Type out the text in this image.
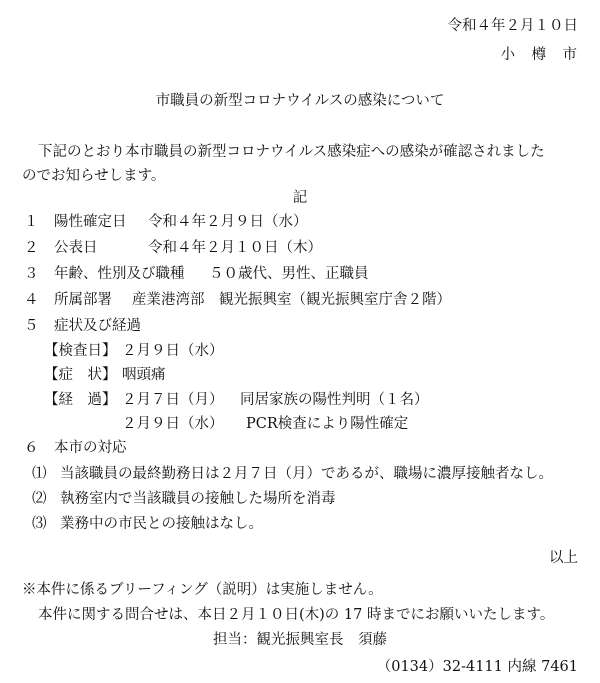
令和４年２月１０日
小　樽　市
市職員の新型コロナウイルスの感染について
下記のとおり本市職員の新型コロナウイルス感染症への感染が確認されました
のでお知らせします。
記
１ 陽性確定日 令和４年２月９日（水）
２ 公表日	令和４年２月１０日（木）
３ 年齢、性別及び職種 ５０歳代、男性、正職員
４ 所属部署 産業港湾部　観光振興室（観光振興室庁舎２階）
５ 症状及び経過
【検査日】 ２月９日（水）
【症　状】 咽頭痛
【経　過】 ２月７日（月） 同居家族の陽性判明（１名）
２月９日（水） PCR検査により陽性確定
６ 本市の対応
⑴ 当該職員の最終勤務日は２月７日（月）であるが、職場に濃厚接触者なし。
⑵ 執務室内で当該職員の接触した場所を消毒
⑶ 業務中の市民との接触はなし。
以上
※本件に係るブリーフィング（説明）は実施しません。
本件に関する問合せは、本日２月１０日(木)の 17 時までにお願いいたします。
担当：観光振興室長　須藤
（0134）32-4111 内線 7461
